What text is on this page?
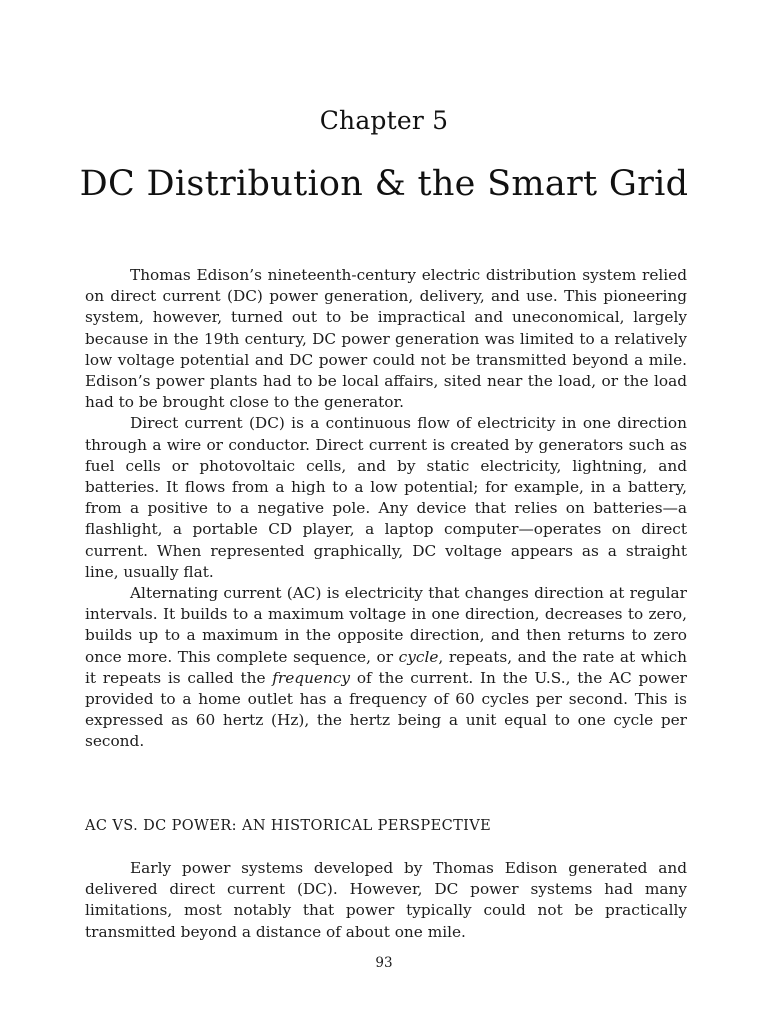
Chapter 5
DC Distribution & the Smart Grid

Thomas Edison’s nineteenth-century electric distribution system relied on direct current (DC) power generation, delivery, and use. This pioneering system, however, turned out to be impractical and uneconomical, largely because in the 19th century, DC power generation was limited to a relatively low voltage potential and DC power could not be transmitted beyond a mile. Edison’s power plants had to be local affairs, sited near the load, or the load had to be brought close to the generator.

Direct current (DC) is a continuous flow of electricity in one direction through a wire or conductor. Direct current is created by generators such as fuel cells or photovoltaic cells, and by static electricity, lightning, and batteries. It flows from a high to a low potential; for example, in a battery, from a positive to a negative pole. Any device that relies on batteries—a flashlight, a portable CD player, a laptop computer—operates on direct current. When represented graphically, DC voltage appears as a straight line, usually flat.

Alternating current (AC) is electricity that changes direction at regular intervals. It builds to a maximum voltage in one direction, decreases to zero, builds up to a maximum in the opposite direction, and then returns to zero once more. This complete sequence, or cycle, repeats, and the rate at which it repeats is called the frequency of the current. In the U.S., the AC power provided to a home outlet has a frequency of 60 cycles per second. This is expressed as 60 hertz (Hz), the hertz being a unit equal to one cycle per second.

AC VS. DC POWER: AN HISTORICAL PERSPECTIVE

Early power systems developed by Thomas Edison generated and delivered direct current (DC). However, DC power systems had many limitations, most notably that power typically could not be practically transmitted beyond a distance of about one mile.

93
